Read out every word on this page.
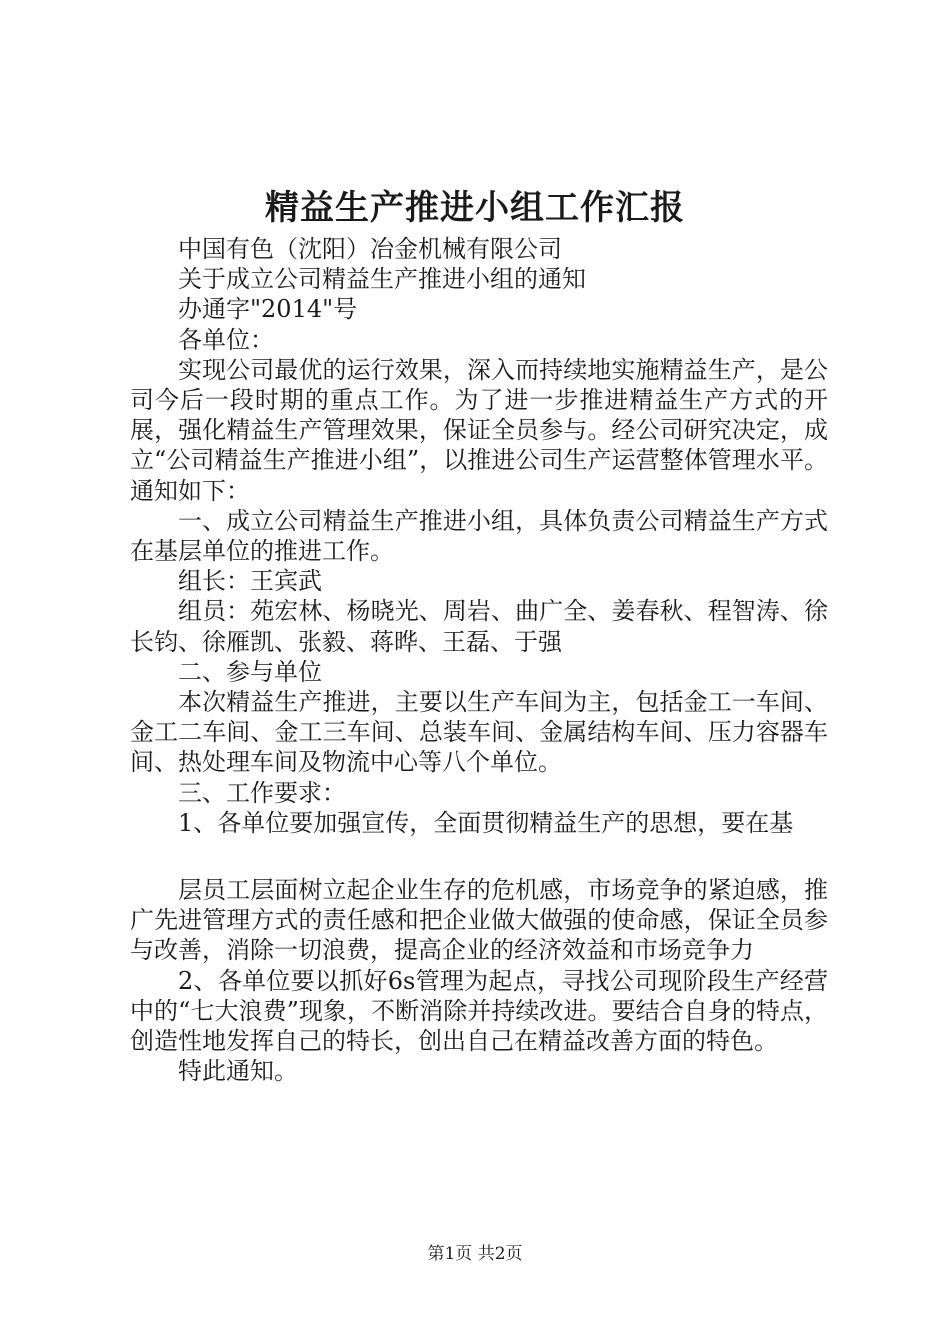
精益生产推进小组工作汇报

中国有色（沈阳）冶金机械有限公司

关于成立公司精益生产推进小组的通知

办通字"2014"号

各单位：

实现公司最优的运行效果，深入而持续地实施精益生产，是公司今后一段时期的重点工作。为了进一步推进精益生产方式的开展，强化精益生产管理效果，保证全员参与。经公司研究决定，成立“公司精益生产推进小组”，以推进公司生产运营整体管理水平。通知如下：

一、成立公司精益生产推进小组，具体负责公司精益生产方式在基层单位的推进工作。

组长：王宾武

组员：苑宏林、杨晓光、周岩、曲广全、姜春秋、程智涛、徐长钧、徐雁凯、张毅、蒋晔、王磊、于强

二、参与单位

本次精益生产推进，主要以生产车间为主，包括金工一车间、金工二车间、金工三车间、总装车间、金属结构车间、压力容器车间、热处理车间及物流中心等八个单位。

三、工作要求：

1、各单位要加强宣传，全面贯彻精益生产的思想，要在基

层员工层面树立起企业生存的危机感，市场竞争的紧迫感，推广先进管理方式的责任感和把企业做大做强的使命感，保证全员参与改善，消除一切浪费，提高企业的经济效益和市场竞争力

2、各单位要以抓好6s管理为起点，寻找公司现阶段生产经营中的“七大浪费”现象，不断消除并持续改进。要结合自身的特点，创造性地发挥自己的特长，创出自己在精益改善方面的特色。

特此通知。

第1页 共2页
